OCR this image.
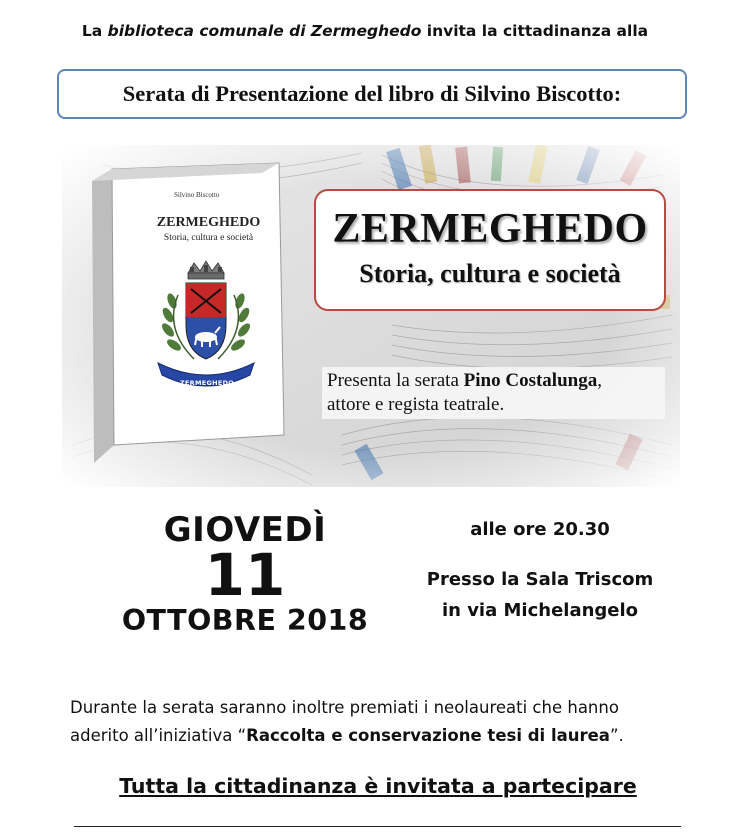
La biblioteca comunale di Zermeghedo invita la cittadinanza alla
Serata di Presentazione del libro di Silvino Biscotto:
Silvino Biscotto
ZERMEGHEDO
Storia, cultura e società
ZERMEGHEDO
ZERMEGHEDO
Storia, cultura e società
Presenta la serata Pino Costalunga,
attore e regista teatrale.
GIOVEDÌ
11
OTTOBRE 2018
alle ore 20.30
Presso la Sala Triscom
in via Michelangelo
Durante la serata saranno inoltre premiati i neolaureati che hanno
aderito all’iniziativa “Raccolta e conservazione tesi di laurea”.
Tutta la cittadinanza è invitata a partecipare
